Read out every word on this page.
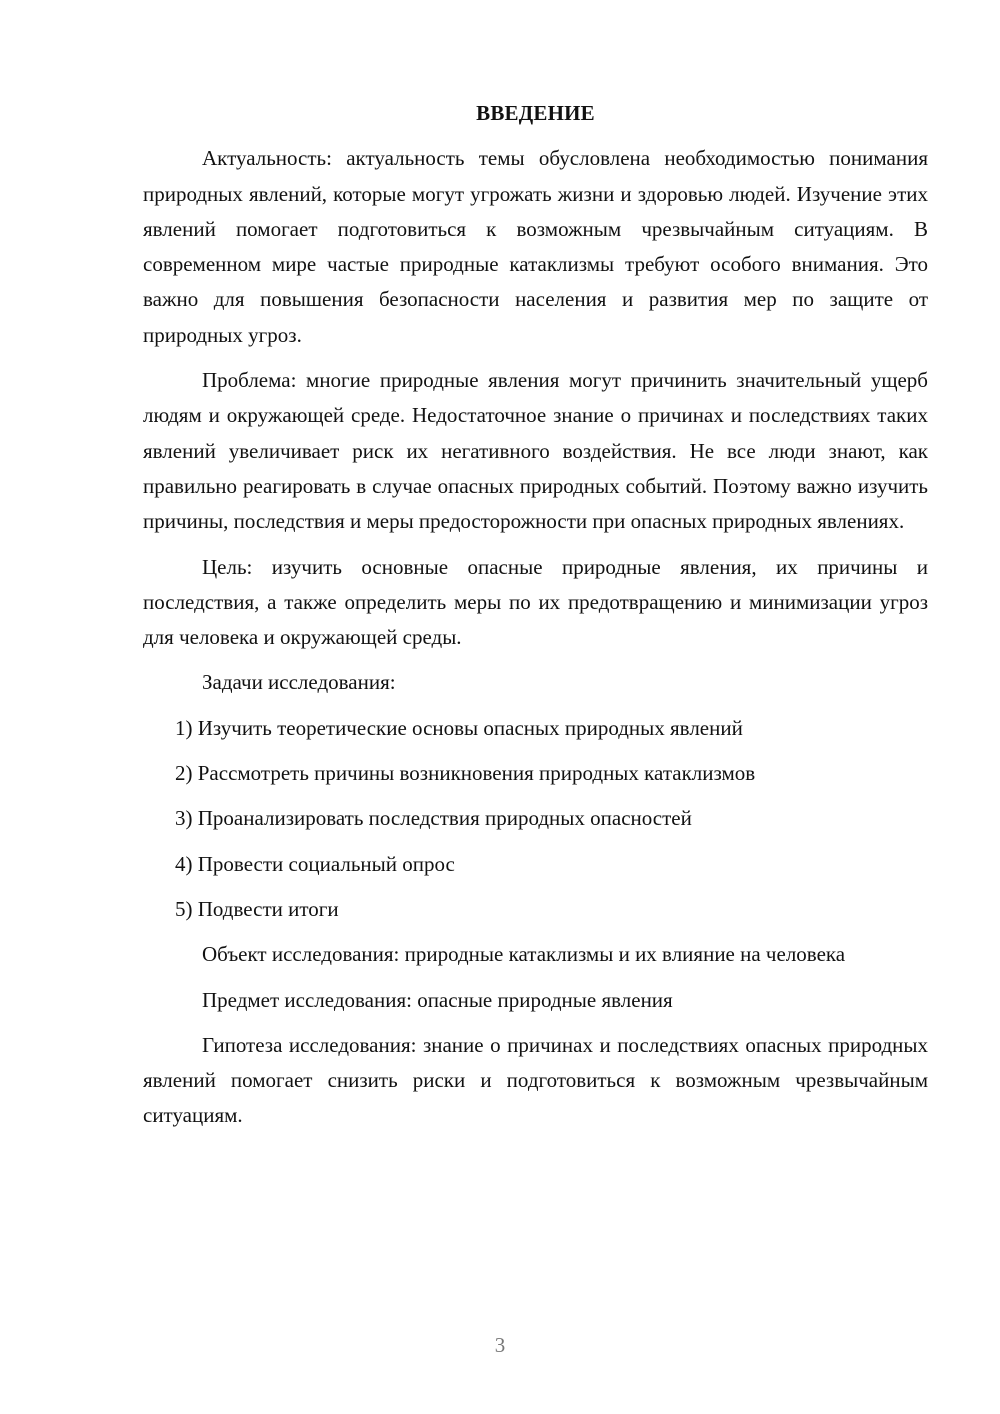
ВВЕДЕНИЕ

Актуальность: актуальность темы обусловлена необходимостью понимания природных явлений, которые могут угрожать жизни и здоровью людей. Изучение этих явлений помогает подготовиться к возможным чрезвычайным ситуациям. В современном мире частые природные катаклизмы требуют особого внимания. Это важно для повышения безопасности населения и развития мер по защите от природных угроз.

Проблема: многие природные явления могут причинить значительный ущерб людям и окружающей среде. Недостаточное знание о причинах и последствиях таких явлений увеличивает риск их негативного воздействия. Не все люди знают, как правильно реагировать в случае опасных природных событий. Поэтому важно изучить причины, последствия и меры предосторожности при опасных природных явлениях.

Цель: изучить основные опасные природные явления, их причины и последствия, а также определить меры по их предотвращению и минимизации угроз для человека и окружающей среды.

Задачи исследования:
1) Изучить теоретические основы опасных природных явлений
2) Рассмотреть причины возникновения природных катаклизмов
3) Проанализировать последствия природных опасностей
4) Провести социальный опрос
5) Подвести итоги

Объект исследования: природные катаклизмы и их влияние на человека

Предмет исследования: опасные природные явления

Гипотеза исследования: знание о причинах и последствиях опасных природных явлений помогает снизить риски и подготовиться к возможным чрезвычайным ситуациям.

3
